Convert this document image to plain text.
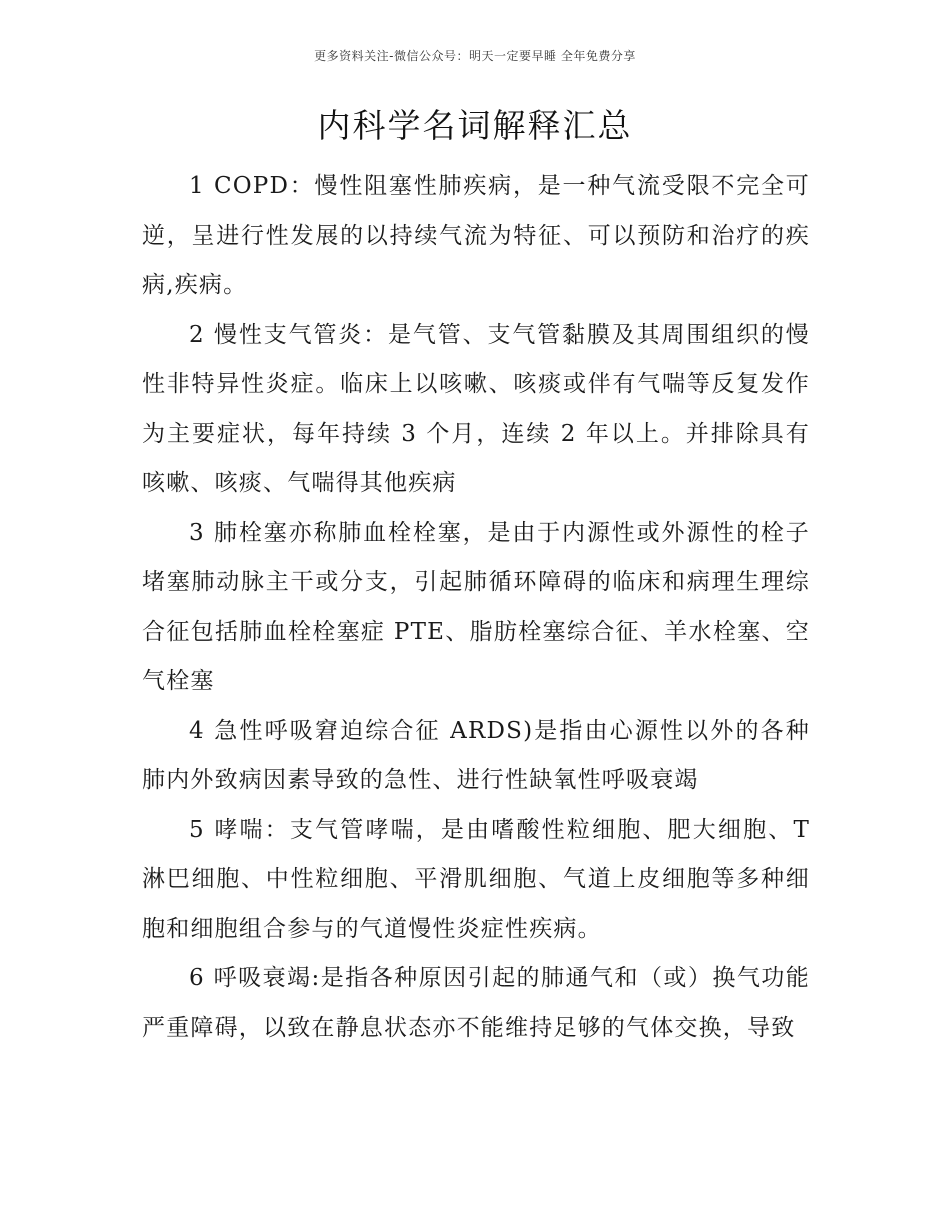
更多资料关注-微信公众号：明天一定要早睡 全年免费分享
内科学名词解释汇总

1 COPD：慢性阻塞性肺疾病，是一种气流受限不完全可逆，呈进行性发展的以持续气流为特征、可以预防和治疗的疾病,疾病。

2 慢性支气管炎：是气管、支气管黏膜及其周围组织的慢性非特异性炎症。临床上以咳嗽、咳痰或伴有气喘等反复发作为主要症状，每年持续 3 个月，连续 2 年以上。并排除具有咳嗽、咳痰、气喘得其他疾病

3 肺栓塞亦称肺血栓栓塞，是由于内源性或外源性的栓子堵塞肺动脉主干或分支，引起肺循环障碍的临床和病理生理综合征包括肺血栓栓塞症 PTE、脂肪栓塞综合征、羊水栓塞、空气栓塞

4 急性呼吸窘迫综合征 ARDS)是指由心源性以外的各种肺内外致病因素导致的急性、进行性缺氧性呼吸衰竭

5 哮喘：支气管哮喘，是由嗜酸性粒细胞、肥大细胞、T 淋巴细胞、中性粒细胞、平滑肌细胞、气道上皮细胞等多种细胞和细胞组合参与的气道慢性炎症性疾病。

6 呼吸衰竭:是指各种原因引起的肺通气和（或）换气功能严重障碍，以致在静息状态亦不能维持足够的气体交换，导致
